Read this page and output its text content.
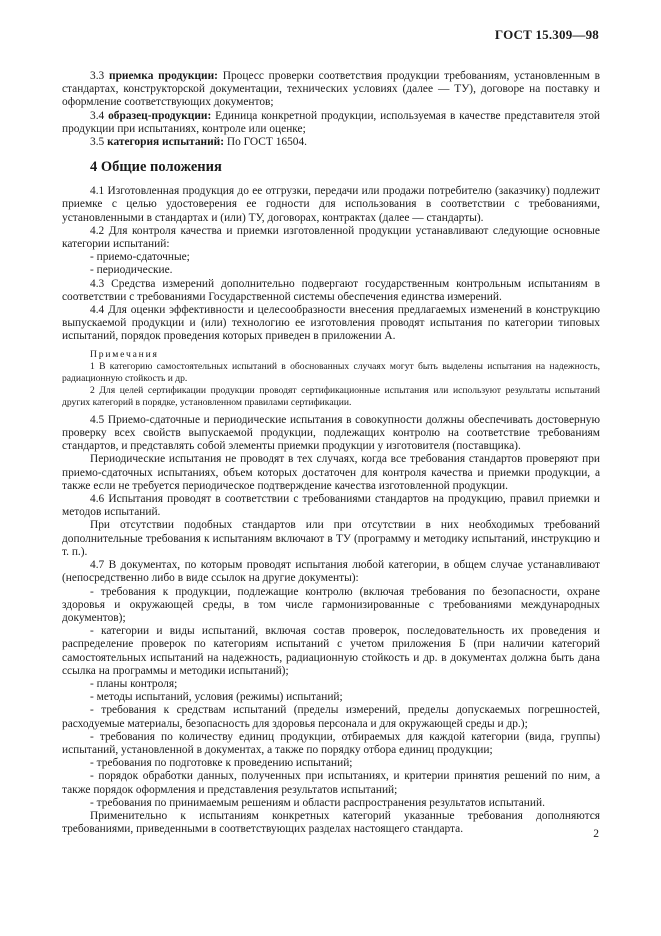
ГОСТ 15.309—98

3.3 приемка продукции: Процесс проверки соответствия продукции требованиям, установленным в стандартах, конструкторской документации, технических условиях (далее — ТУ), договоре на поставку и оформление соответствующих документов;

3.4 образец-продукции: Единица конкретной продукции, используемая в качестве представителя этой продукции при испытаниях, контроле или оценке;

3.5 категория испытаний: По ГОСТ 16504.

4 Общие положения

4.1 Изготовленная продукция до ее отгрузки, передачи или продажи потребителю (заказчику) подлежит приемке с целью удостоверения ее годности для использования в соответствии с требованиями, установленными в стандартах и (или) ТУ, договорах, контрактах (далее — стандарты).

4.2 Для контроля качества и приемки изготовленной продукции устанавливают следующие основные категории испытаний:

- приемо-сдаточные;

- периодические.

4.3 Средства измерений дополнительно подвергают государственным контрольным испытаниям в соответствии с требованиями Государственной системы обеспечения единства измерений.

4.4 Для оценки эффективности и целесообразности внесения предлагаемых изменений в конструкцию выпускаемой продукции и (или) технологию ее изготовления проводят испытания по категории типовых испытаний, порядок проведения которых приведен в приложении А.

Примечания

1 В категорию самостоятельных испытаний в обоснованных случаях могут быть выделены испытания на надежность, радиационную стойкость и др.

2 Для целей сертификации продукции проводят сертификационные испытания или используют результаты испытаний других категорий в порядке, установленном правилами сертификации.

4.5 Приемо-сдаточные и периодические испытания в совокупности должны обеспечивать достоверную проверку всех свойств выпускаемой продукции, подлежащих контролю на соответствие требованиям стандартов, и представлять собой элементы приемки продукции у изготовителя (поставщика).

Периодические испытания не проводят в тех случаях, когда все требования стандартов проверяют при приемо-сдаточных испытаниях, объем которых достаточен для контроля качества и приемки продукции, а также если не требуется периодическое подтверждение качества изготовленной продукции.

4.6 Испытания проводят в соответствии с требованиями стандартов на продукцию, правил приемки и методов испытаний.

При отсутствии подобных стандартов или при отсутствии в них необходимых требований дополнительные требования к испытаниям включают в ТУ (программу и методику испытаний, инструкцию и т. п.).

4.7 В документах, по которым проводят испытания любой категории, в общем случае устанавливают (непосредственно либо в виде ссылок на другие документы):

- требования к продукции, подлежащие контролю (включая требования по безопасности, охране здоровья и окружающей среды, в том числе гармонизированные с требованиями международных документов);

- категории и виды испытаний, включая состав проверок, последовательность их проведения и распределение проверок по категориям испытаний с учетом приложения Б (при наличии категорий самостоятельных испытаний на надежность, радиационную стойкость и др. в документах должна быть дана ссылка на программы и методики испытаний);

- планы контроля;

- методы испытаний, условия (режимы) испытаний;

- требования к средствам испытаний (пределы измерений, пределы допускаемых погрешностей, расходуемые материалы, безопасность для здоровья персонала и для окружающей среды и др.);

- требования по количеству единиц продукции, отбираемых для каждой категории (вида, группы) испытаний, установленной в документах, а также по порядку отбора единиц продукции;

- требования по подготовке к проведению испытаний;

- порядок обработки данных, полученных при испытаниях, и критерии принятия решений по ним, а также порядок оформления и представления результатов испытаний;

- требования по принимаемым решениям и области распространения результатов испытаний.

Применительно к испытаниям конкретных категорий указанные требования дополняются требованиями, приведенными в соответствующих разделах настоящего стандарта.	2
